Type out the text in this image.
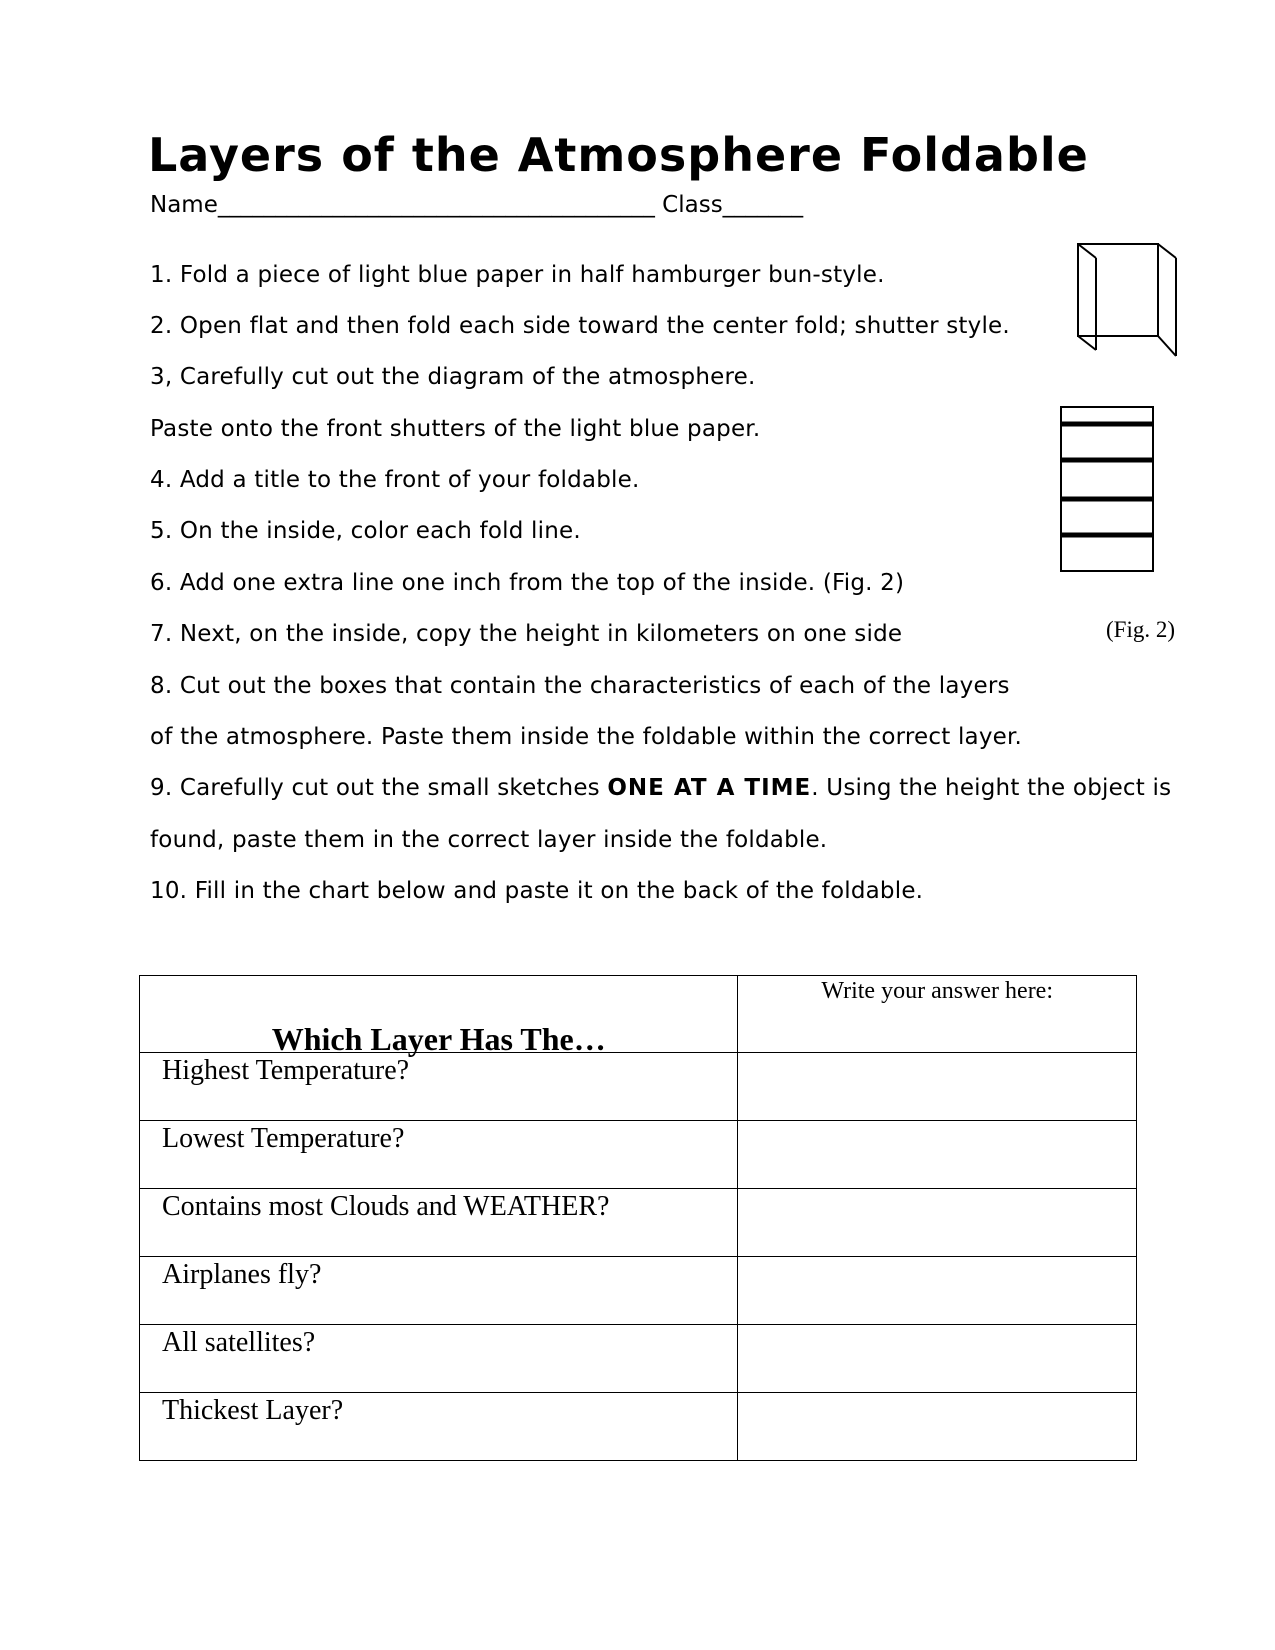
Layers of the Atmosphere Foldable
Name______________________________________ Class_______
1. Fold a piece of light blue paper in half hamburger bun-style.
2. Open flat and then fold each side toward the center fold; shutter style.
3, Carefully cut out the diagram of the atmosphere.
Paste onto the front shutters of the light blue paper.
4. Add a title to the front of your foldable.
5. On the inside, color each fold line.
6. Add one extra line one inch from the top of the inside. (Fig. 2)
7. Next, on the inside, copy the height in kilometers on one side
8. Cut out the boxes that contain the characteristics of each of the layers
of the atmosphere. Paste them inside the foldable within the correct layer.
9. Carefully cut out the small sketches ONE AT A TIME. Using the height the object is
found, paste them in the correct layer inside the foldable.
10. Fill in the chart below and paste it on the back of the foldable.
(Fig. 2)
Which Layer Has The…	Write your answer here:
Highest Temperature?	
Lowest Temperature?	
Contains most Clouds and WEATHER?	
Airplanes fly?	
All satellites?	
Thickest Layer?	
